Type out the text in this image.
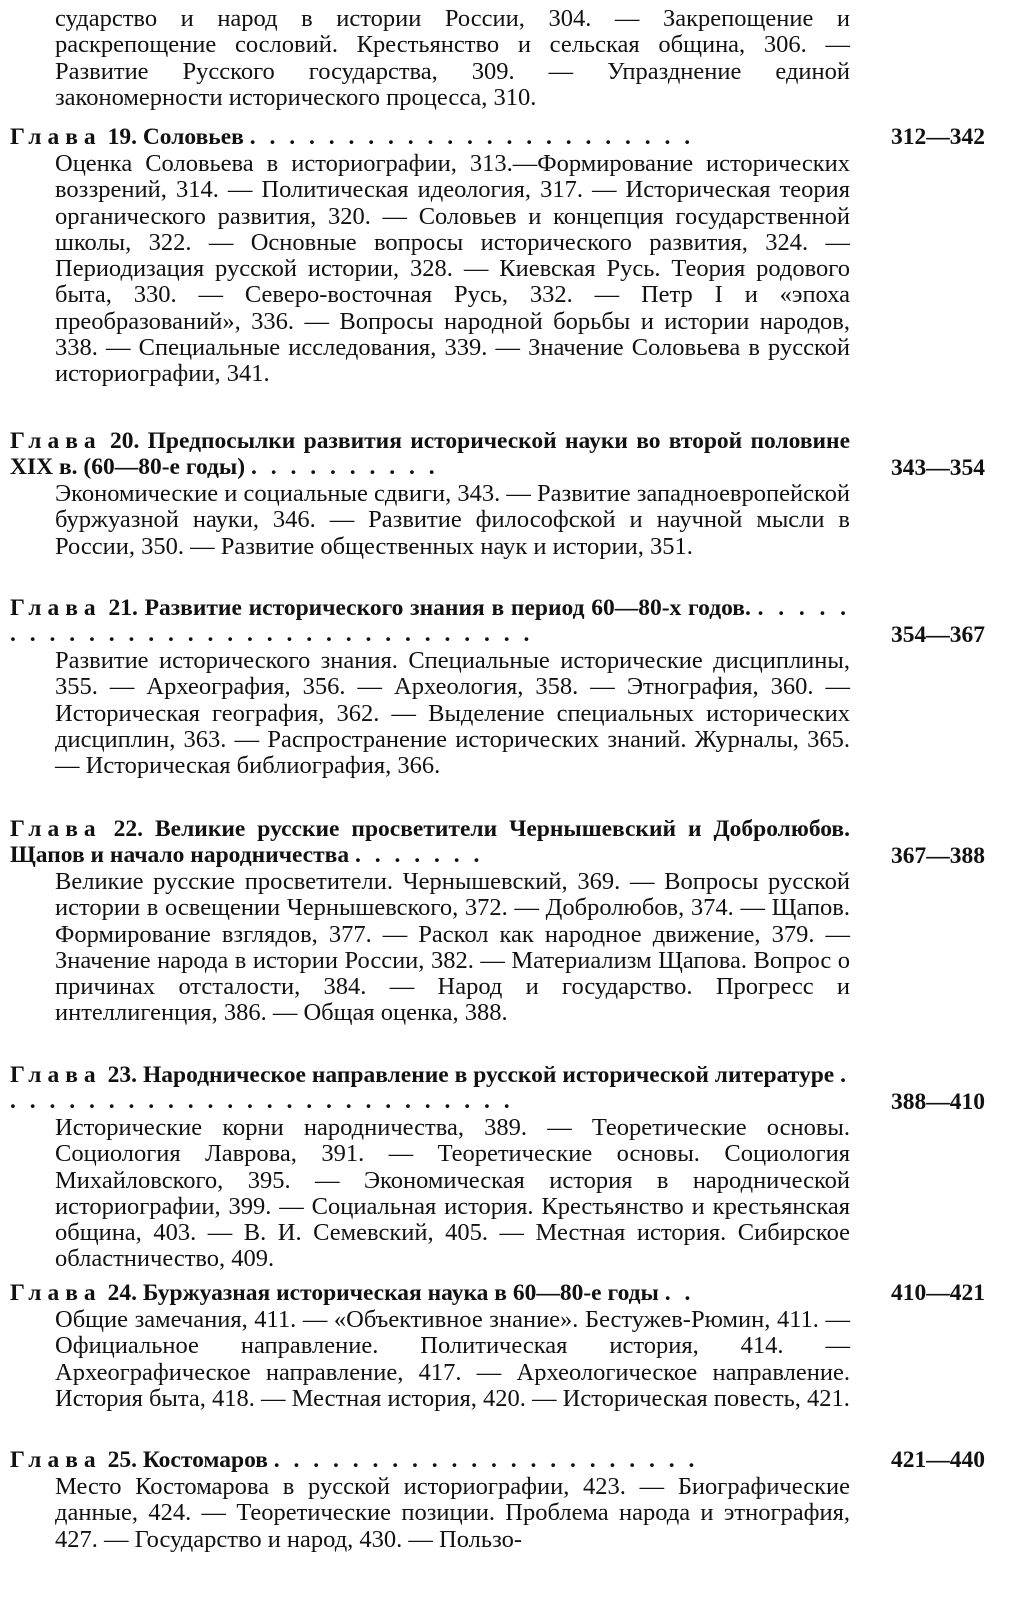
сударство и народ в истории России, 304. — Закрепощение и раскрепощение сословий. Крестьянство и сельская община, 306. — Развитие Русского государства, 309. — Упразднение единой закономерности исторического процесса, 310.
Глава 19. Соловьев . . . . . . . . . . . . . . . . . . . . . . .	312—342
Оценка Соловьева в историографии, 313.—Формирование исторических воззрений, 314. — Политическая идеология, 317. — Историческая теория органического развития, 320. — Соловьев и концепция государственной школы, 322. — Основные вопросы исторического развития, 324. — Периодизация русской истории, 328. — Киевская Русь. Теория родового быта, 330. — Северо-восточная Русь, 332. — Петр I и «эпоха преобразований», 336. — Вопросы народной борьбы и истории народов, 338. — Специальные исследования, 339. — Значение Соловьева в русской историографии, 341.
Глава 20. Предпосылки развития исторической науки во второй половине XIX в. (60—80-е годы) . . . . . . . . . .	343—354
Экономические и социальные сдвиги, 343. — Развитие западноевропейской буржуазной науки, 346. — Развитие философской и научной мысли в России, 350. — Развитие общественных наук и истории, 351.
Глава 21. Развитие исторического знания в период 60—80-х годов. . . . . . . . . . . . . . . . . . . . . . . . . . . . . . . . .	354—367
Развитие исторического знания. Специальные исторические дисциплины, 355. — Археография, 356. — Археология, 358. — Этнография, 360. — Историческая география, 362. — Выделение специальных исторических дисциплин, 363. — Распространение исторических знаний. Журналы, 365. — Историческая библиография, 366.
Глава 22. Великие русские просветители Чернышевский и Добролюбов. Щапов и начало народничества . . . . . . .	367—388
Великие русские просветители. Чернышевский, 369. — Вопросы русской истории в освещении Чернышевского, 372. — Добролюбов, 374. — Щапов. Формирование взглядов, 377. — Раскол как народное движение, 379. — Значение народа в истории России, 382. — Материализм Щапова. Вопрос о причинах отсталости, 384. — Народ и государство. Прогресс и интеллигенция, 386. — Общая оценка, 388.
Глава 23. Народническое направление в русской исторической литературе . . . . . . . . . . . . . . . . . . . . . . . . . . .	388—410
Исторические корни народничества, 389. — Теоретические основы. Социология Лаврова, 391. — Теоретические основы. Социология Михайловского, 395. — Экономическая история в народнической историографии, 399. — Социальная история. Крестьянство и крестьянская община, 403. — В. И. Семевский, 405. — Местная история. Сибирское областничество, 409.
Глава 24. Буржуазная историческая наука в 60—80-е годы . .	410—421
Общие замечания, 411. — «Объективное знание». Бестужев-Рюмин, 411. — Официальное направление. Политическая история, 414. — Археографическое направление, 417. — Археологическое направление. История быта, 418. — Местная история, 420. — Историческая повесть, 421.
Глава 25. Костомаров . . . . . . . . . . . . . . . . . . . . . .	421—440
Место Костомарова в русской историографии, 423. — Биографические данные, 424. — Теоретические позиции. Проблема народа и этнография, 427. — Государство и народ, 430. — Пользо-
